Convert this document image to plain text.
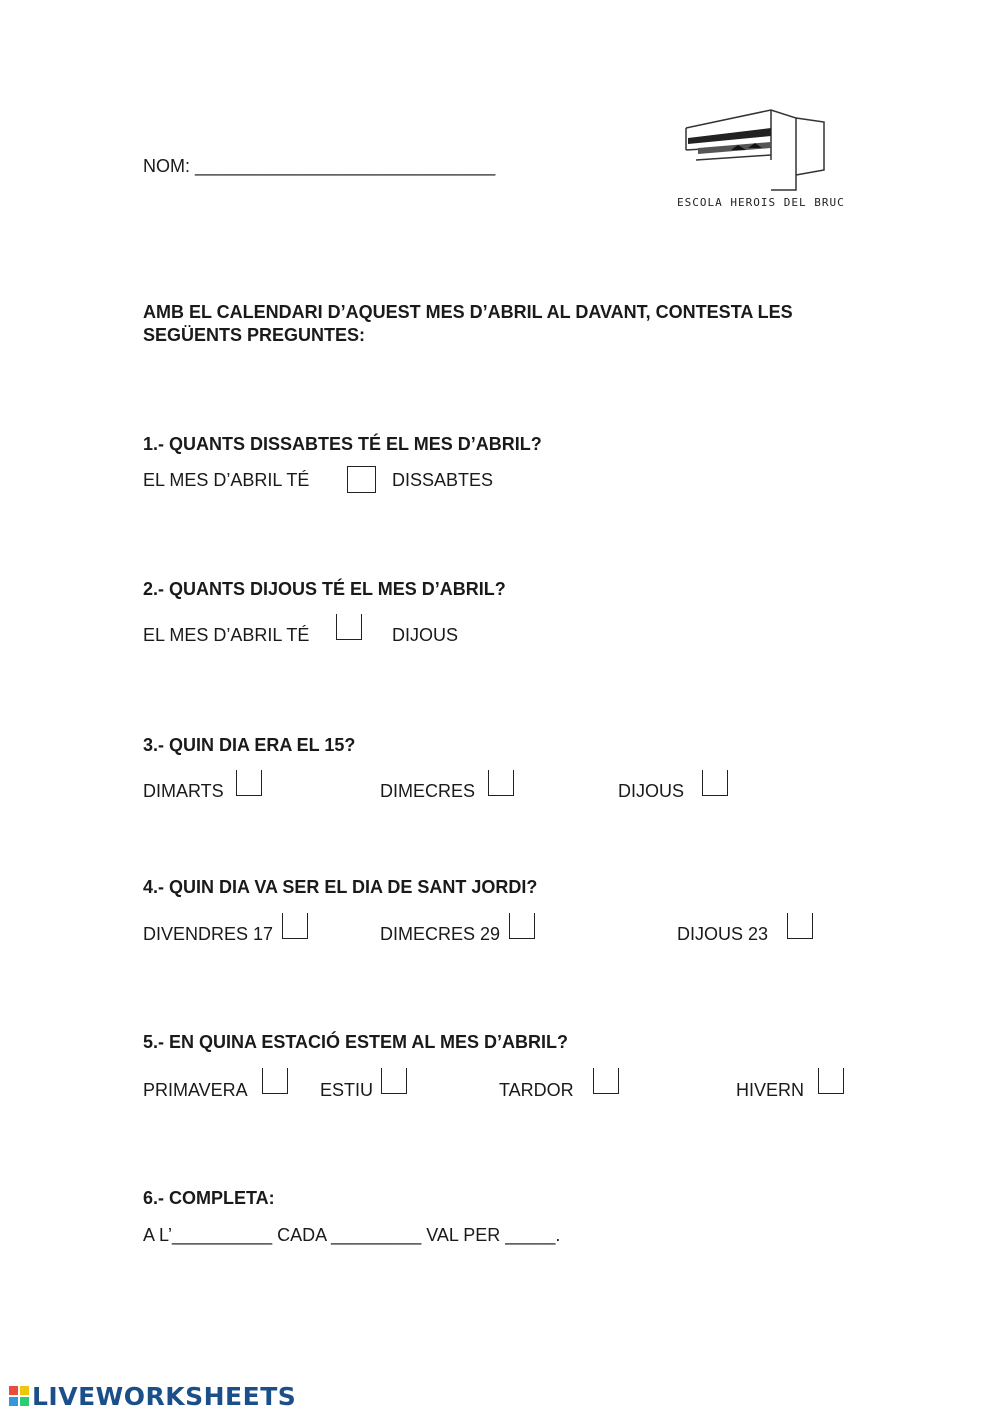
NOM: ______________________________
ESCOLA HEROIS DEL BRUC
AMB EL CALENDARI D’AQUEST MES D’ABRIL AL DAVANT, CONTESTA LES
SEGÜENTS PREGUNTES:
1.- QUANTS DISSABTES TÉ EL MES D’ABRIL?
EL MES D’ABRIL TÉ	DISSABTES
2.- QUANTS DIJOUS TÉ EL MES D’ABRIL?
EL MES D’ABRIL TÉ	DIJOUS
3.- QUIN DIA ERA EL 15?
DIMARTS	DIMECRES	DIJOUS
4.- QUIN DIA VA SER EL DIA DE SANT JORDI?
DIVENDRES 17	DIMECRES 29	DIJOUS 23
5.- EN QUINA ESTACIÓ ESTEM AL MES D’ABRIL?
PRIMAVERA	ESTIU	TARDOR	HIVERN
6.- COMPLETA:
A L’__________ CADA _________ VAL PER _____.
LIVEWORKSHEETS
